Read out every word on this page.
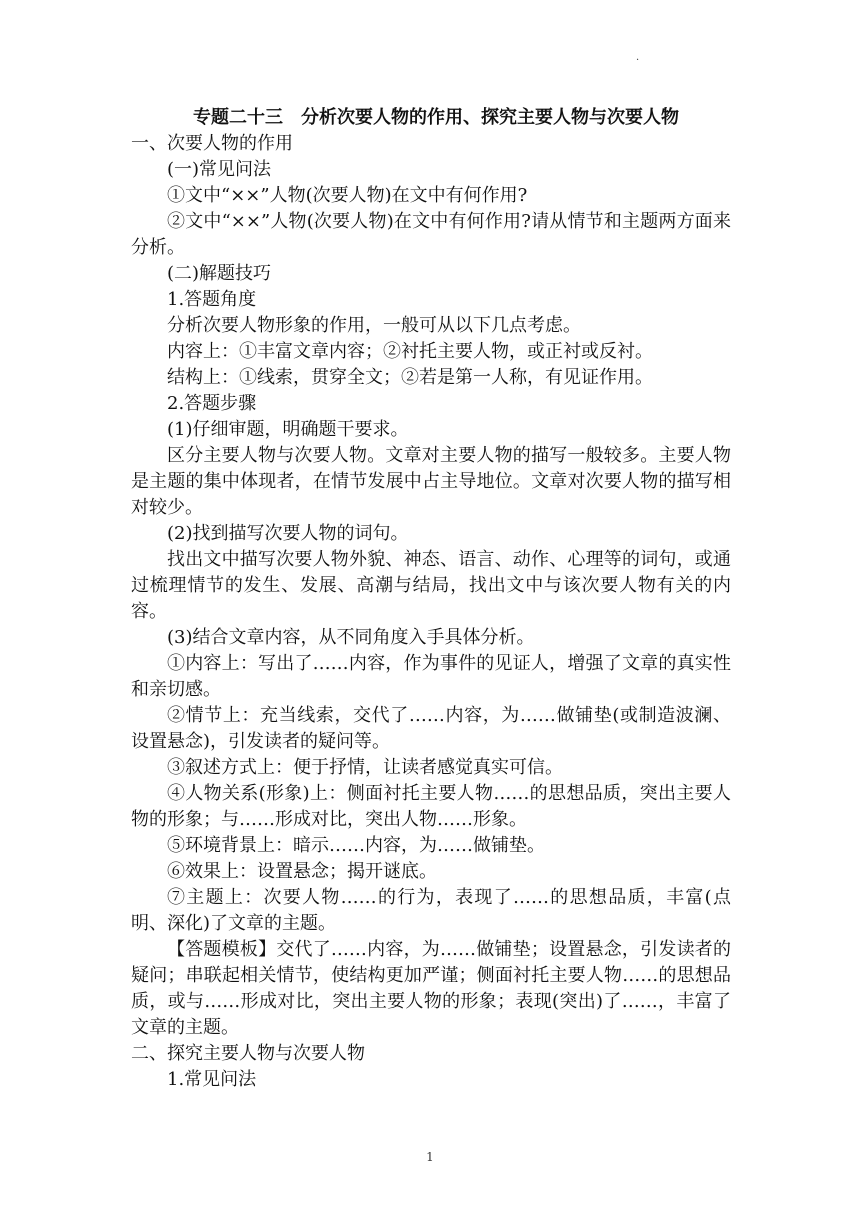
·
专题二十三　分析次要人物的作用、探究主要人物与次要人物

一、次要人物的作用

(一)常见问法

①文中“××”人物(次要人物)在文中有何作用?

②文中“××”人物(次要人物)在文中有何作用?请从情节和主题两方面来分析。

(二)解题技巧

1.答题角度

分析次要人物形象的作用，一般可从以下几点考虑。

内容上：①丰富文章内容；②衬托主要人物，或正衬或反衬。

结构上：①线索，贯穿全文；②若是第一人称，有见证作用。

2.答题步骤

(1)仔细审题，明确题干要求。

区分主要人物与次要人物。文章对主要人物的描写一般较多。主要人物是主题的集中体现者，在情节发展中占主导地位。文章对次要人物的描写相对较少。

(2)找到描写次要人物的词句。

找出文中描写次要人物外貌、神态、语言、动作、心理等的词句，或通过梳理情节的发生、发展、高潮与结局，找出文中与该次要人物有关的内容。

(3)结合文章内容，从不同角度入手具体分析。

①内容上：写出了……内容，作为事件的见证人，增强了文章的真实性和亲切感。

②情节上：充当线索，交代了……内容，为……做铺垫(或制造波澜、设置悬念)，引发读者的疑问等。

③叙述方式上：便于抒情，让读者感觉真实可信。

④人物关系(形象)上：侧面衬托主要人物……的思想品质，突出主要人物的形象；与……形成对比，突出人物……形象。

⑤环境背景上：暗示……内容，为……做铺垫。

⑥效果上：设置悬念；揭开谜底。

⑦主题上：次要人物……的行为，表现了……的思想品质，丰富(点明、深化)了文章的主题。

【答题模板】交代了……内容，为……做铺垫；设置悬念，引发读者的疑问；串联起相关情节，使结构更加严谨；侧面衬托主要人物……的思想品质，或与……形成对比，突出主要人物的形象；表现(突出)了……，丰富了文章的主题。

二、探究主要人物与次要人物

1.常见问法

1
